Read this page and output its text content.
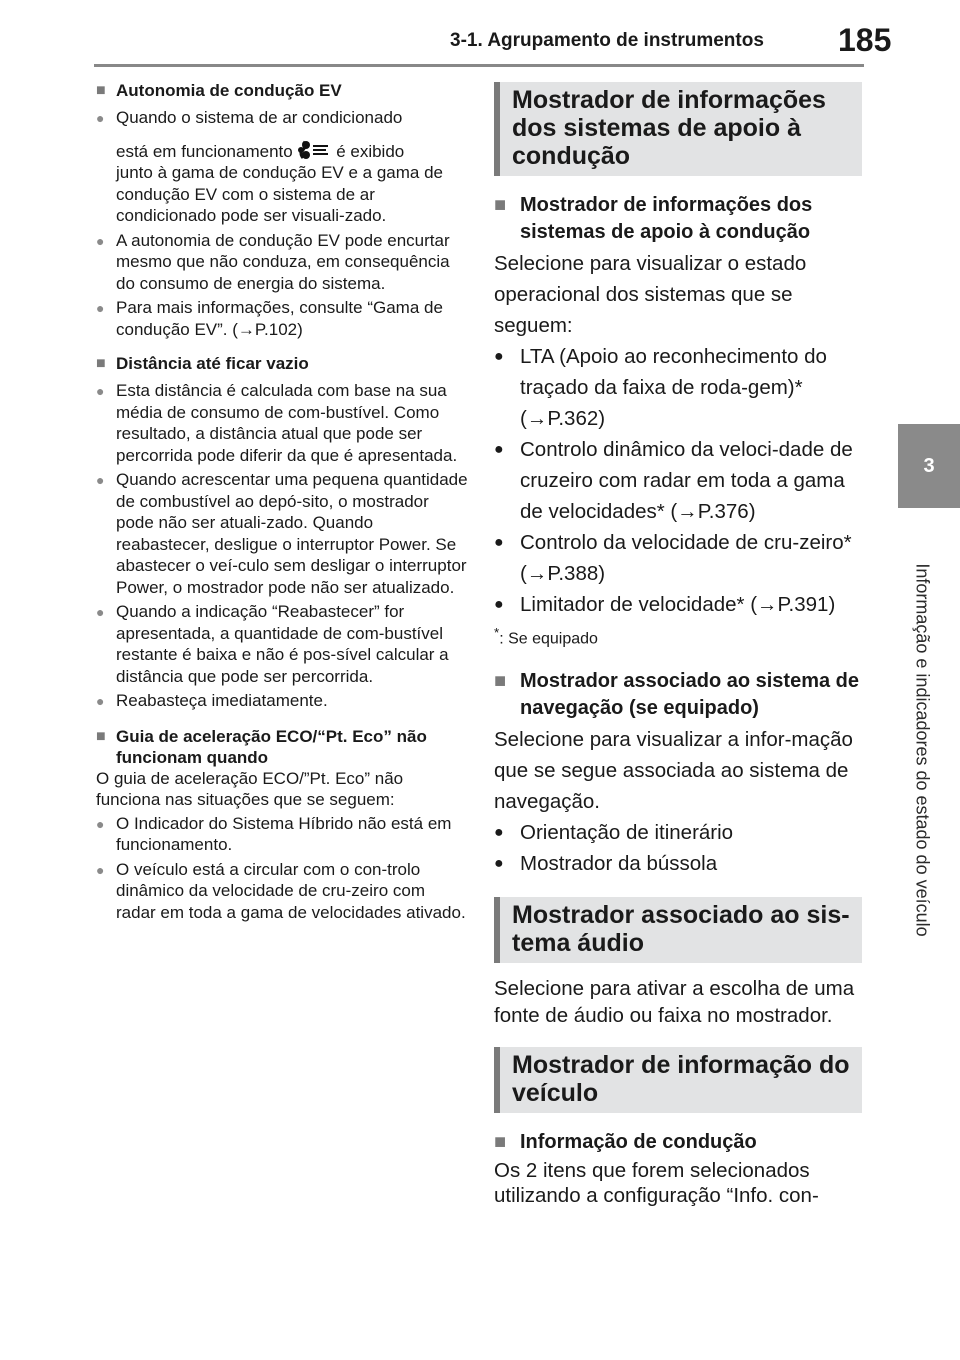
3-1. Agrupamento de instrumentos 185
3
Informação e indicadores do estado do veículo
■ Autonomia de condução EV
● Quando o sistema de ar condicionado
está em funcionamento	é exibido
junto à gama de condução EV e a gama de condução EV com o sistema de ar condicionado pode ser visuali-zado.
● A autonomia de condução EV pode encurtar mesmo que não conduza, em consequência do consumo de energia do sistema.
● Para mais informações, consulte “Gama de condução EV”. (→P.102)
■ Distância até ficar vazio
● Esta distância é calculada com base na sua média de consumo de com-bustível. Como resultado, a distância atual que pode ser percorrida pode diferir da que é apresentada.
● Quando acrescentar uma pequena quantidade de combustível ao depó-sito, o mostrador pode não ser atuali-zado. Quando reabastecer, desligue o interruptor Power. Se abastecer o veí-culo sem desligar o interruptor Power, o mostrador pode não ser atualizado.
● Quando a indicação “Reabastecer” for apresentada, a quantidade de com-bustível restante é baixa e não é pos-sível calcular a distância que pode ser percorrida.
● Reabasteça imediatamente.
■ Guia de aceleração ECO/“Pt. Eco” não funcionam quando
O guia de aceleração ECO/”Pt. Eco” não funciona nas situações que se seguem:
● O Indicador do Sistema Híbrido não está em funcionamento.
● O veículo está a circular com o con-trolo dinâmico da velocidade de cru-zeiro com radar em toda a gama de velocidades ativado.
Mostrador de informações dos sistemas de apoio à condução
■ Mostrador de informações dos sistemas de apoio à condução
Selecione para visualizar o estado operacional dos sistemas que se seguem:
● LTA (Apoio ao reconhecimento do traçado da faixa de roda-gem)* (→P.362)
● Controlo dinâmico da veloci-dade de cruzeiro com radar em toda a gama de velocidades* (→P.376)
● Controlo da velocidade de cru-zeiro* (→P.388)
● Limitador de velocidade* (→P.391)
*: Se equipado
■ Mostrador associado ao sistema de navegação (se equipado)
Selecione para visualizar a infor-mação que se segue associada ao sistema de navegação.
● Orientação de itinerário
● Mostrador da bússola
Mostrador associado ao sis-tema áudio
Selecione para ativar a escolha de uma fonte de áudio ou faixa no mostrador.
Mostrador de informação do veículo
■ Informação de condução
Os 2 itens que forem selecionados utilizando a configuração “Info. con-
